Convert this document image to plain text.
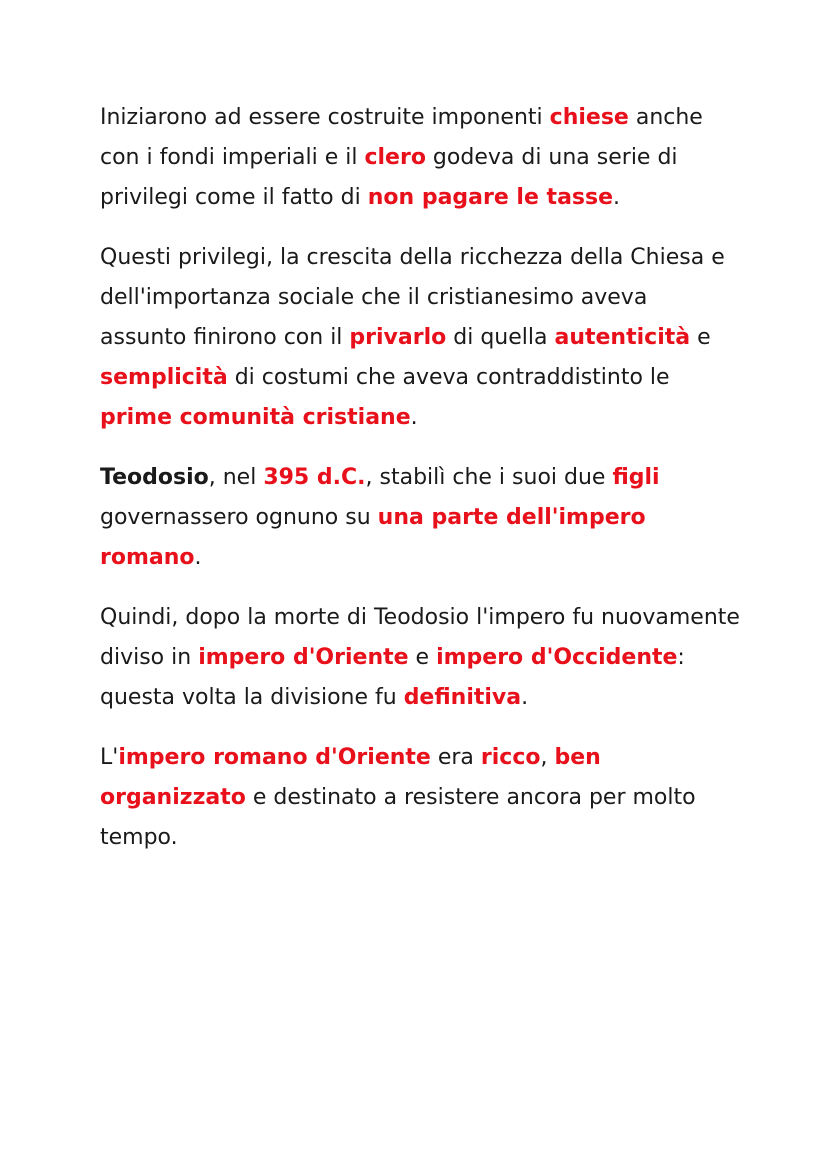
Iniziarono ad essere costruite imponenti chiese anche con i fondi imperiali e il clero godeva di una serie di privilegi come il fatto di non pagare le tasse.

Questi privilegi, la crescita della ricchezza della Chiesa e dell'importanza sociale che il cristianesimo aveva assunto finirono con il privarlo di quella autenticità e semplicità di costumi che aveva contraddistinto le prime comunità cristiane.

Teodosio, nel 395 d.C., stabilì che i suoi due figli governassero ognuno su una parte dell'impero romano.

Quindi, dopo la morte di Teodosio l'impero fu nuovamente diviso in impero d'Oriente e impero d'Occidente: questa volta la divisione fu definitiva.

L'impero romano d'Oriente era ricco, ben organizzato e destinato a resistere ancora per molto tempo.
